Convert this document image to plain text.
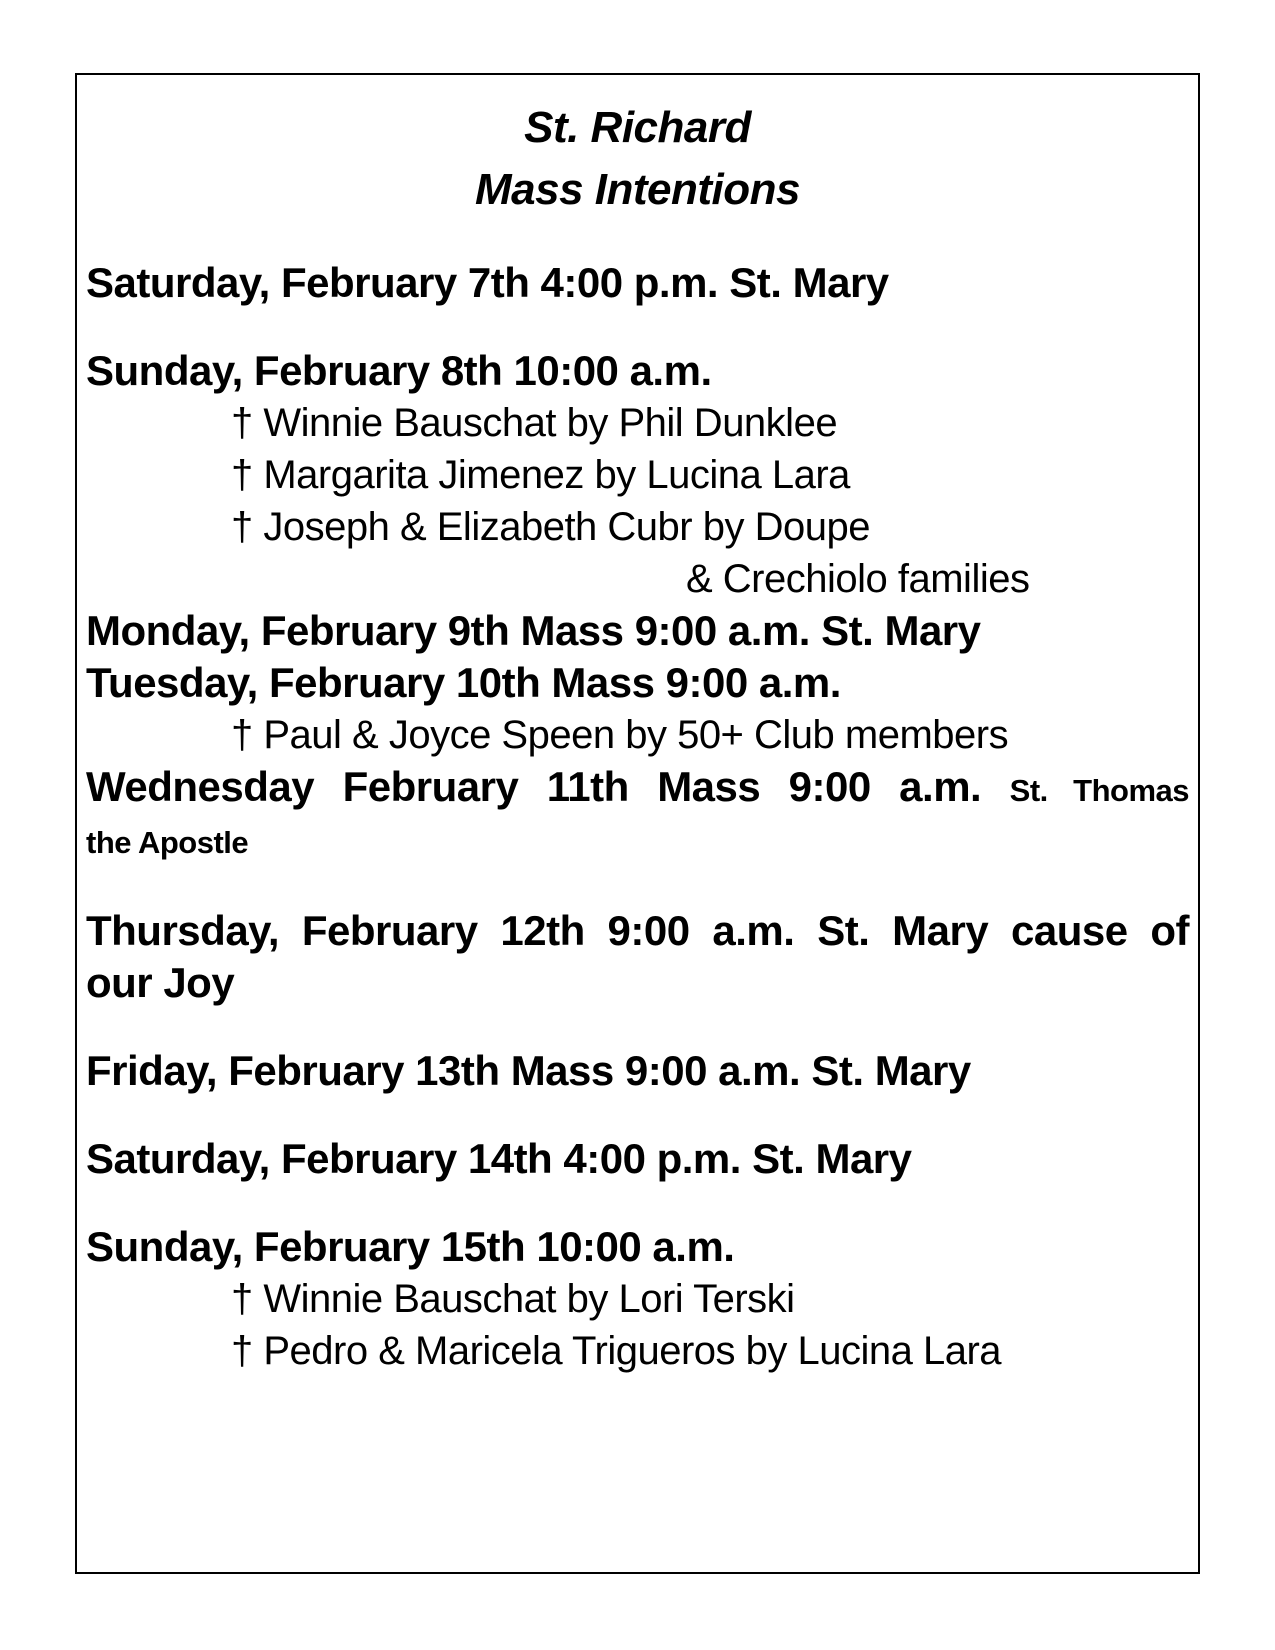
St. Richard
Mass Intentions
Saturday, February 7th 4:00 p.m. St. Mary
Sunday, February 8th 10:00 a.m.
† Winnie Bauschat by Phil Dunklee
† Margarita Jimenez by Lucina Lara
† Joseph & Elizabeth Cubr by Doupe
& Crechiolo families
Monday, February 9th Mass 9:00 a.m. St. Mary
Tuesday, February 10th Mass 9:00 a.m.
† Paul & Joyce Speen by 50+ Club members
Wednesday February 11th Mass 9:00 a.m. St. Thomas
the Apostle
Thursday, February 12th 9:00 a.m. St. Mary cause of
our Joy
Friday, February 13th Mass 9:00 a.m. St. Mary
Saturday, February 14th 4:00 p.m. St. Mary
Sunday, February 15th 10:00 a.m.
† Winnie Bauschat by Lori Terski
† Pedro & Maricela Trigueros by Lucina Lara
